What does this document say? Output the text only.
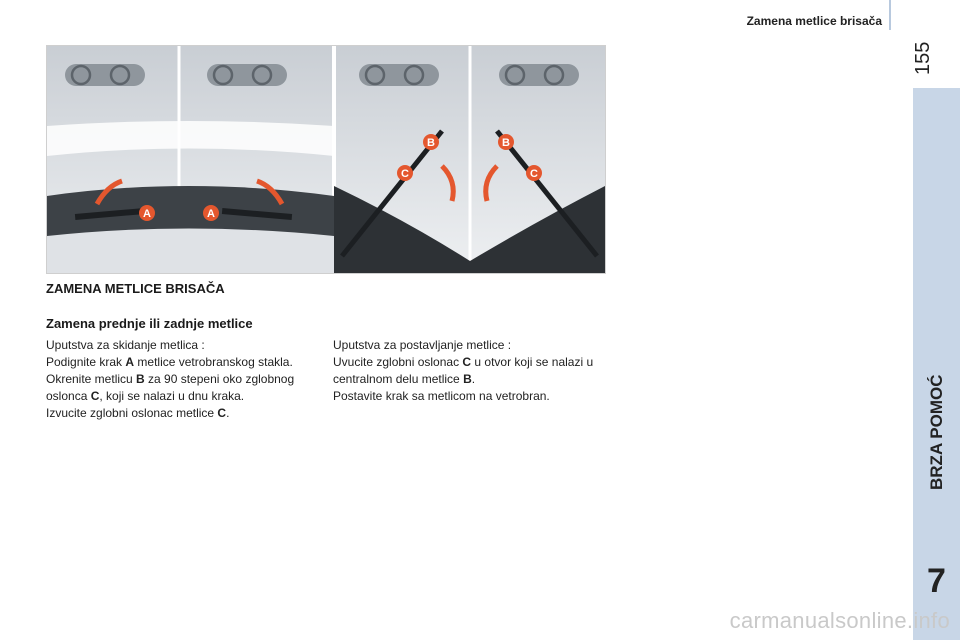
Zamena metlice brisača
155
BRZA POMOĆ
7
A	A
B
C
B
C
ZAMENA METLICE BRISAČA
Zamena prednje ili zadnje metlice

Uputstva za skidanje metlica :

Podignite krak A metlice vetrobranskog stakla.

Okrenite metlicu B za 90 stepeni oko zglobnog oslonca C, koji se nalazi u dnu kraka.

Izvucite zglobni oslonac metlice C.

Uputstva za postavljanje metlice :

Uvucite zglobni oslonac C u otvor koji se nalazi u centralnom delu metlice B.

Postavite krak sa metlicom na vetrobran.

carmanualsonline.info
